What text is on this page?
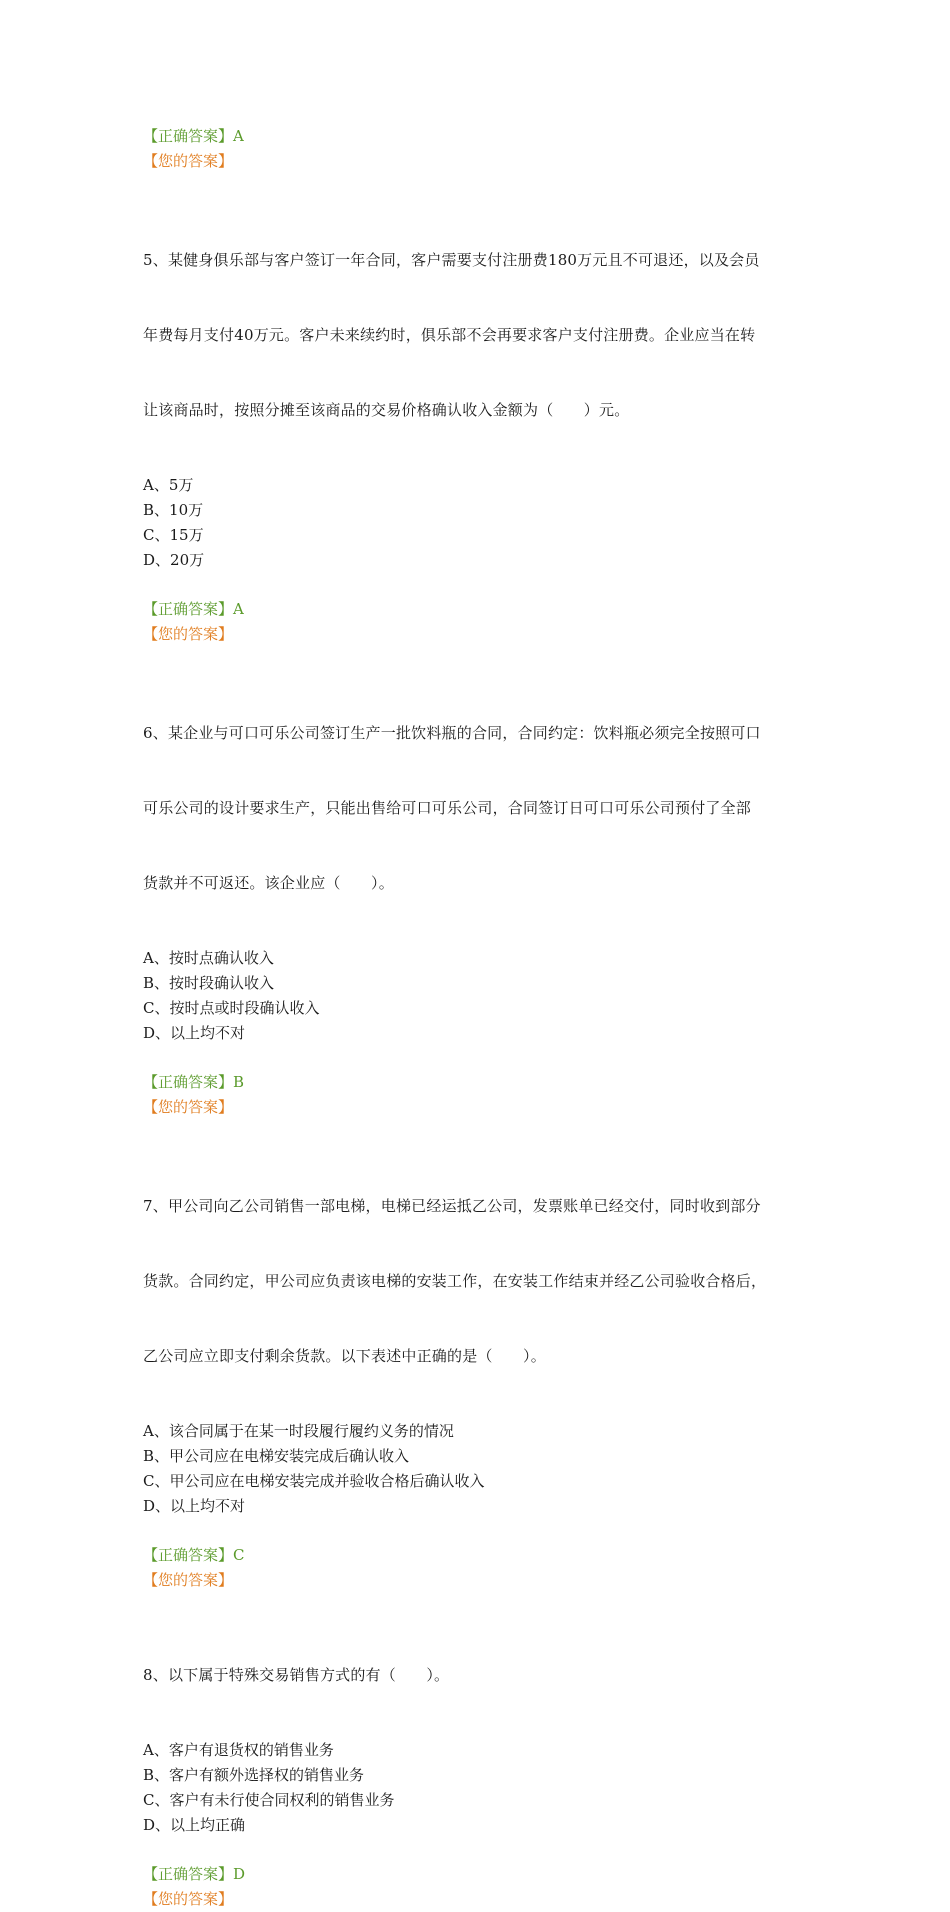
【正确答案】A
【您的答案】

5、某健身俱乐部与客户签订一年合同，客户需要支付注册费180万元且不可退还，以及会员

年费每月支付40万元。客户未来续约时，俱乐部不会再要求客户支付注册费。企业应当在转

让该商品时，按照分摊至该商品的交易价格确认收入金额为（　　）元。

A、5万
B、10万
C、15万
D、20万
【正确答案】A
【您的答案】

6、某企业与可口可乐公司签订生产一批饮料瓶的合同，合同约定：饮料瓶必须完全按照可口

可乐公司的设计要求生产，只能出售给可口可乐公司，合同签订日可口可乐公司预付了全部

货款并不可返还。该企业应（　　）。

A、按时点确认收入
B、按时段确认收入
C、按时点或时段确认收入
D、以上均不对
【正确答案】B
【您的答案】

7、甲公司向乙公司销售一部电梯，电梯已经运抵乙公司，发票账单已经交付，同时收到部分

货款。合同约定，甲公司应负责该电梯的安装工作，在安装工作结束并经乙公司验收合格后，

乙公司应立即支付剩余货款。以下表述中正确的是（　　）。

A、该合同属于在某一时段履行履约义务的情况
B、甲公司应在电梯安装完成后确认收入
C、甲公司应在电梯安装完成并验收合格后确认收入
D、以上均不对
【正确答案】C
【您的答案】

8、以下属于特殊交易销售方式的有（　　）。

A、客户有退货权的销售业务
B、客户有额外选择权的销售业务
C、客户有未行使合同权利的销售业务
D、以上均正确
【正确答案】D
【您的答案】
